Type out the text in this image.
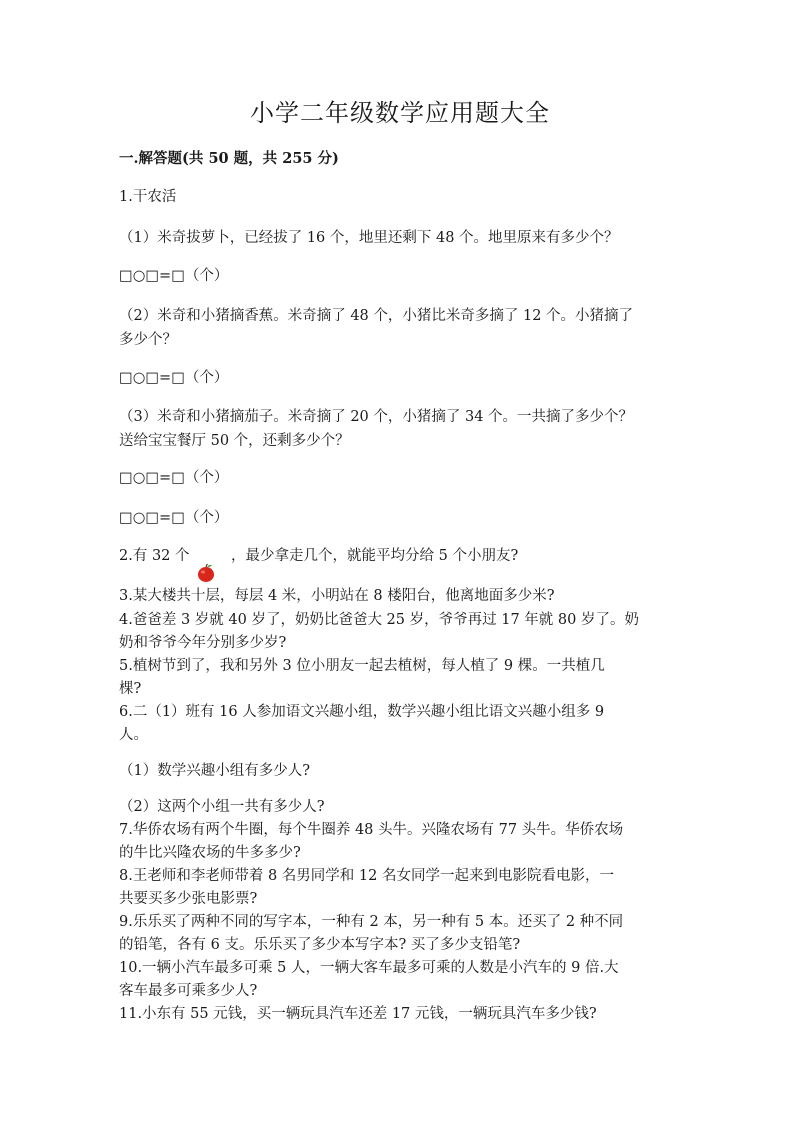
小学二年级数学应用题大全
一.解答题(共 50 题，共 255 分)
1.干农活
（1）米奇拔萝卜，已经拔了 16 个，地里还剩下 48 个。地里原来有多少个？
□○□=□（个）
（2）米奇和小猪摘香蕉。米奇摘了 48 个，小猪比米奇多摘了 12 个。小猪摘了
多少个？
□○□=□（个）
（3）米奇和小猪摘茄子。米奇摘了 20 个，小猪摘了 34 个。一共摘了多少个？
送给宝宝餐厅 50 个，还剩多少个？
□○□=□（个）
□○□=□（个）
2.有 32 个	，最少拿走几个，就能平均分给 5 个小朋友?
3.某大楼共十层，每层 4 米，小明站在 8 楼阳台，他离地面多少米?
4.爸爸差 3 岁就 40 岁了，奶奶比爸爸大 25 岁，爷爷再过 17 年就 80 岁了。奶
奶和爷爷今年分别多少岁?
5.植树节到了，我和另外 3 位小朋友一起去植树，每人植了 9 棵。一共植几
棵?
6.二（1）班有 16 人参加语文兴趣小组，数学兴趣小组比语文兴趣小组多 9
人。
（1）数学兴趣小组有多少人?
（2）这两个小组一共有多少人?
7.华侨农场有两个牛圈，每个牛圈养 48 头牛。兴隆农场有 77 头牛。华侨农场
的牛比兴隆农场的牛多多少?
8.王老师和李老师带着 8 名男同学和 12 名女同学一起来到电影院看电影，一
共要买多少张电影票?
9.乐乐买了两种不同的写字本，一种有 2 本，另一种有 5 本。还买了 2 种不同
的铅笔，各有 6 支。乐乐买了多少本写字本? 买了多少支铅笔?
10.一辆小汽车最多可乘 5 人，一辆大客车最多可乘的人数是小汽车的 9 倍.大
客车最多可乘多少人?
11.小东有 55 元钱，买一辆玩具汽车还差 17 元钱，一辆玩具汽车多少钱?
